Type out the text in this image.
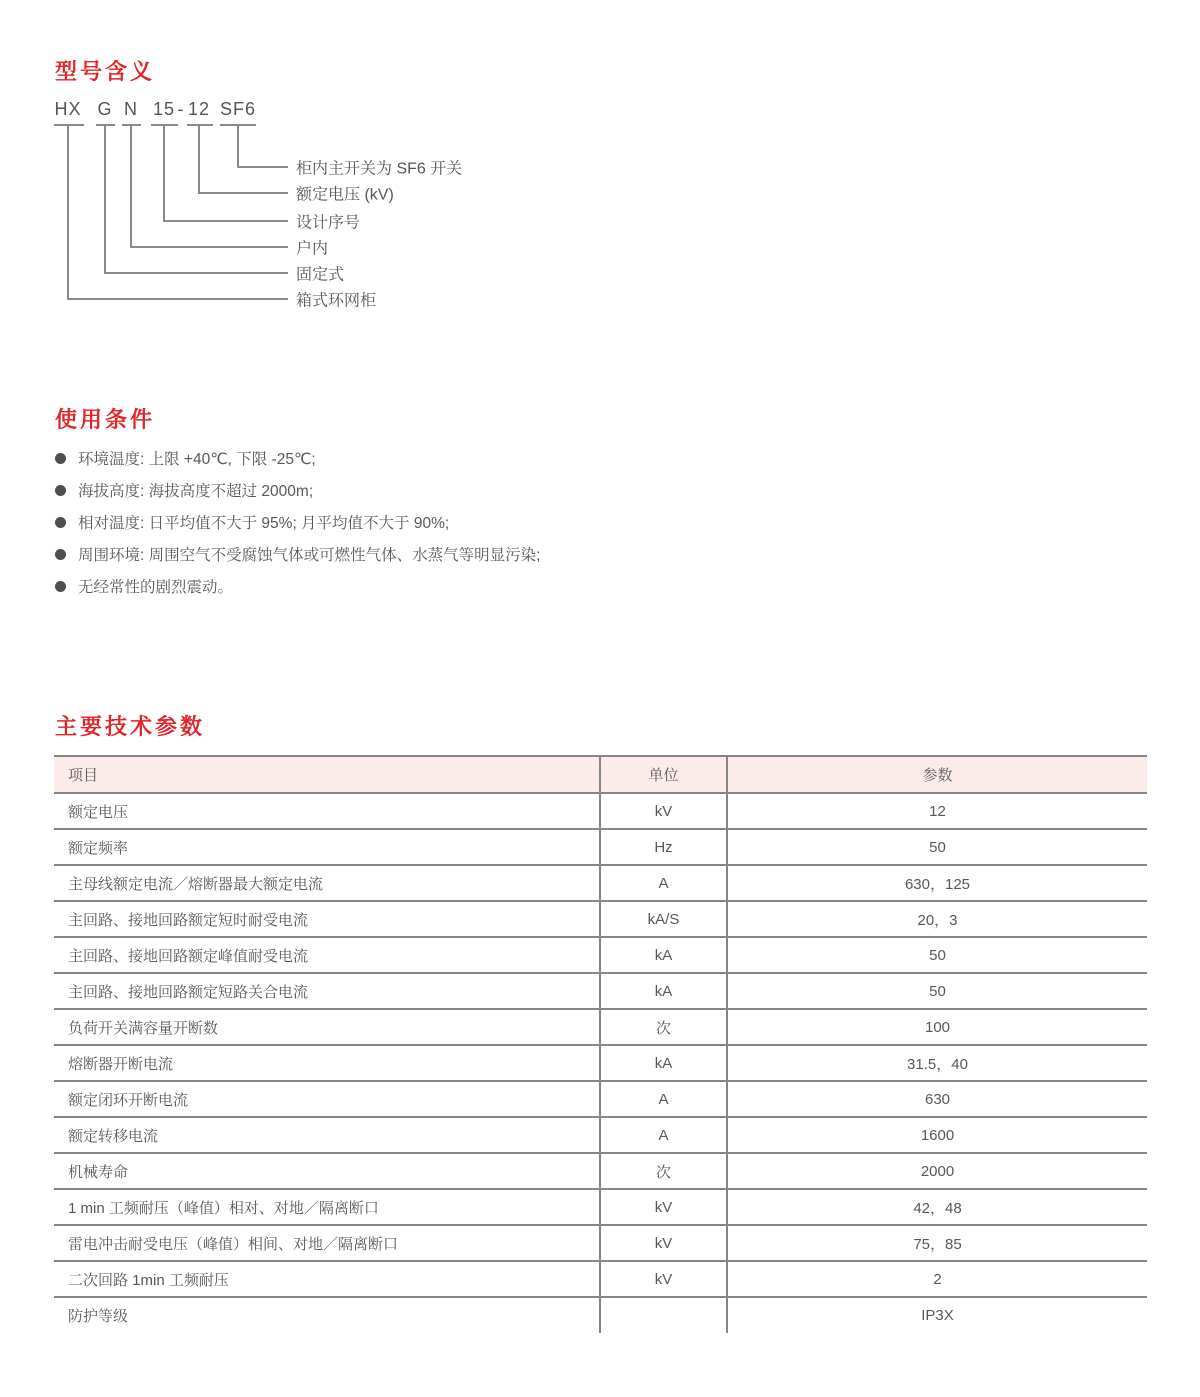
型号含义
HX G N 15 12 SF6
-
柜内主开关为 SF6 开关
额定电压 (kV)
设计序号
户内
固定式
箱式环网柜
使用条件
环境温度: 上限 +40℃, 下限 -25℃;
海拔高度: 海拔高度不超过 2000m;
相对温度: 日平均值不大于 95%; 月平均值不大于 90%;
周围环境: 周围空气不受腐蚀气体或可燃性气体、水蒸气等明显污染;
无经常性的剧烈震动。
主要技术参数
项目	单位	参数
额定电压	kV	12
额定频率	Hz	50
主母线额定电流／熔断器最大额定电流	A	630，125
主回路、接地回路额定短时耐受电流	kA/S	20，3
主回路、接地回路额定峰值耐受电流	kA	50
主回路、接地回路额定短路关合电流	kA	50
负荷开关满容量开断数	次	100
熔断器开断电流	kA	31.5，40
额定闭环开断电流	A	630
额定转移电流	A	1600
机械寿命	次	2000
1 min 工频耐压（峰值）相对、对地／隔离断口	kV	42，48
雷电冲击耐受电压（峰值）相间、对地／隔离断口	kV	75，85
二次回路 1min 工频耐压	kV	2
防护等级		IP3X
